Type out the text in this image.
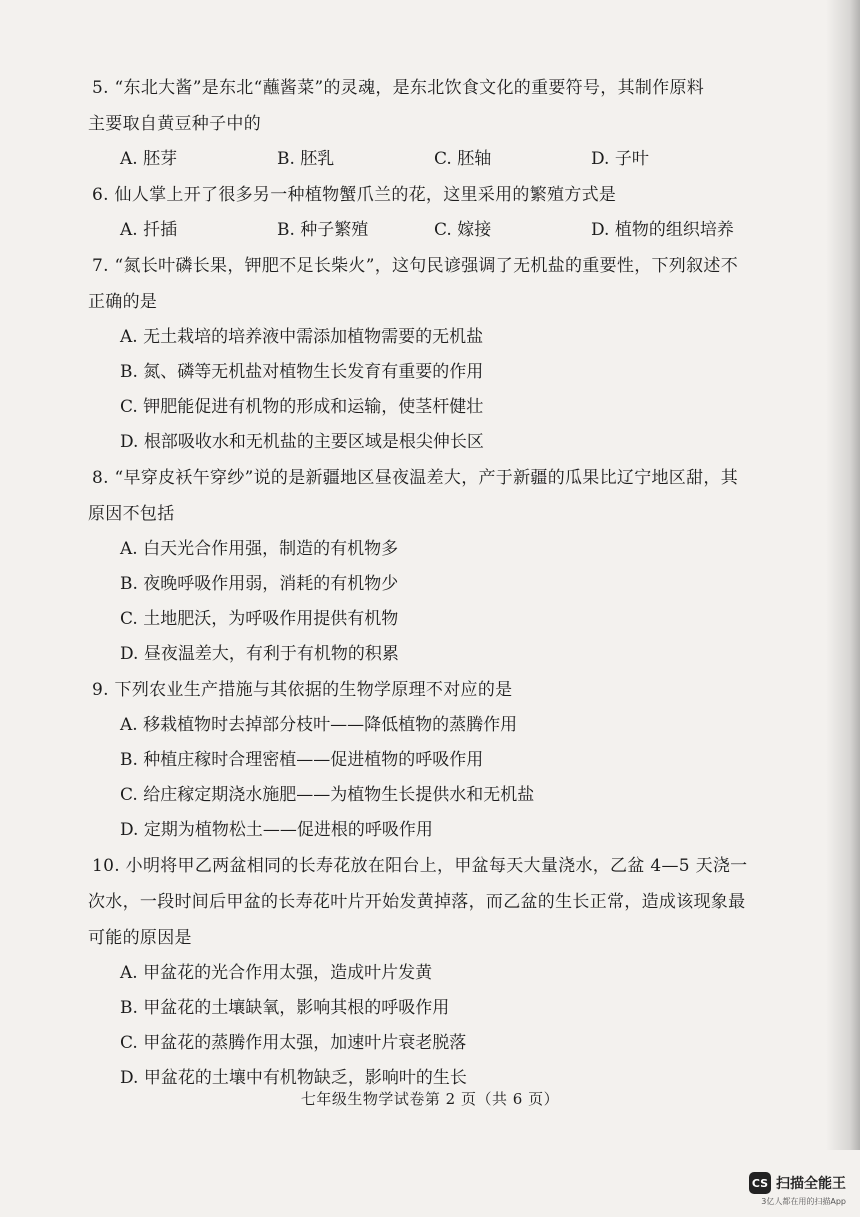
5. “东北大酱”是东北“蘸酱菜”的灵魂，是东北饮食文化的重要符号，其制作原料
主要取自黄豆种子中的
A. 胚芽	B. 胚乳	C. 胚轴	D. 子叶
6. 仙人掌上开了很多另一种植物蟹爪兰的花，这里采用的繁殖方式是
A. 扦插	B. 种子繁殖	C. 嫁接	D. 植物的组织培养
7. “氮长叶磷长果，钾肥不足长柴火”，这句民谚强调了无机盐的重要性，下列叙述不
正确的是
A. 无土栽培的培养液中需添加植物需要的无机盐
B. 氮、磷等无机盐对植物生长发育有重要的作用
C. 钾肥能促进有机物的形成和运输，使茎杆健壮
D. 根部吸收水和无机盐的主要区域是根尖伸长区
8. “早穿皮袄午穿纱”说的是新疆地区昼夜温差大，产于新疆的瓜果比辽宁地区甜，其
原因不包括
A. 白天光合作用强，制造的有机物多
B. 夜晚呼吸作用弱，消耗的有机物少
C. 土地肥沃，为呼吸作用提供有机物
D. 昼夜温差大，有利于有机物的积累
9. 下列农业生产措施与其依据的生物学原理不对应的是
A. 移栽植物时去掉部分枝叶——降低植物的蒸腾作用
B. 种植庄稼时合理密植——促进植物的呼吸作用
C. 给庄稼定期浇水施肥——为植物生长提供水和无机盐
D. 定期为植物松土——促进根的呼吸作用
10. 小明将甲乙两盆相同的长寿花放在阳台上，甲盆每天大量浇水，乙盆 4—5 天浇一
次水，一段时间后甲盆的长寿花叶片开始发黄掉落，而乙盆的生长正常，造成该现象最
可能的原因是
A. 甲盆花的光合作用太强，造成叶片发黄
B. 甲盆花的土壤缺氧，影响其根的呼吸作用
C. 甲盆花的蒸腾作用太强，加速叶片衰老脱落
D. 甲盆花的土壤中有机物缺乏，影响叶的生长
七年级生物学试卷第 2 页（共 6 页）
CS 扫描全能王
3亿人都在用的扫描App
